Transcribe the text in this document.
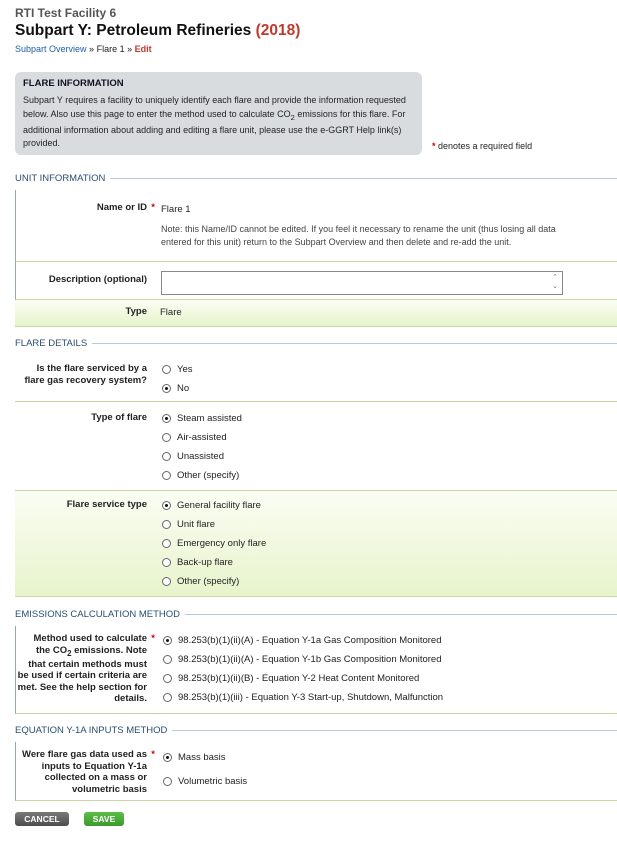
RTI Test Facility 6
Subpart Y: Petroleum Refineries (2018)
Subpart Overview » Flare 1 » Edit
FLARE INFORMATION
Subpart Y requires a facility to uniquely identify each flare and provide the information requested below. Also use this page to enter the method used to calculate $CO_2$ emissions for this flare. For additional information about adding and editing a flare unit, please use the e-GGRT Help link(s) provided.	* denotes a required field
UNIT INFORMATION
Name or ID * Flare 1
Note: this Name/ID cannot be edited. If you feel it necessary to rename the unit (thus losing all data entered for this unit) return to the Subpart Overview and then delete and re-add the unit.
Description (optional)	⌃
⌄
Type Flare
FLARE DETAILS
Is the flare serviced by a flare gas recovery system?
Yes
No
Type of flare	Steam assisted
Air-assisted
Unassisted
Other (specify)
Flare service type	General facility flare
Unit flare
Emergency only flare
Back-up flare
Other (specify)
EMISSIONS CALCULATION METHOD
Method used to calculate the $CO_2$ emissions. Note that certain methods must be used if certain criteria are met. See the help section for details.
* 98.253(b)(1)(ii)(A) - Equation Y-1a Gas Composition Monitored
98.253(b)(1)(ii)(A) - Equation Y-1b Gas Composition Monitored
98.253(b)(1)(ii)(B) - Equation Y-2 Heat Content Monitored
98.253(b)(1)(iii) - Equation Y-3 Start-up, Shutdown, Malfunction
EQUATION Y-1A INPUTS METHOD
Were flare gas data used as inputs to Equation Y-1a collected on a mass or volumetric basis
* Mass basis
Volumetric basis
CANCEL	SAVE
